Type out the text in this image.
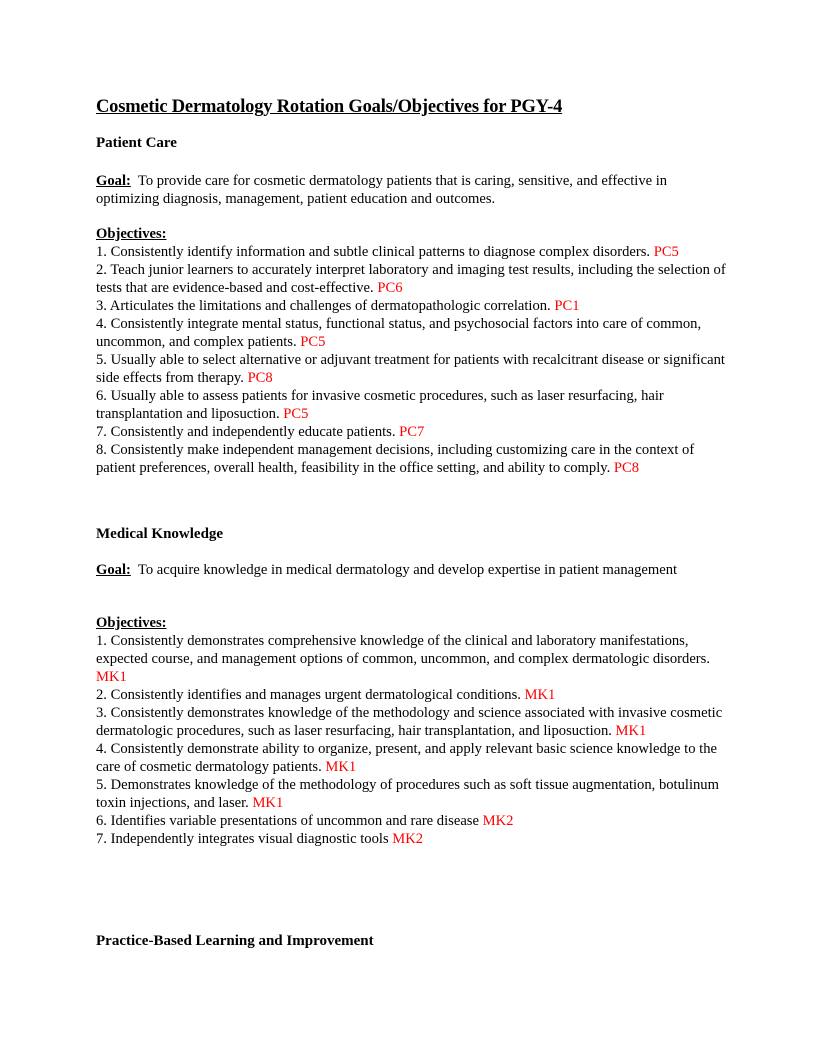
Cosmetic Dermatology Rotation Goals/Objectives for PGY-4
Patient Care

Goal: To provide care for cosmetic dermatology patients that is caring, sensitive, and effective in optimizing diagnosis, management, patient education and outcomes.

Objectives:

1. Consistently identify information and subtle clinical patterns to diagnose complex disorders. PC5

2. Teach junior learners to accurately interpret laboratory and imaging test results, including the selection of tests that are evidence-based and cost-effective. PC6

3. Articulates the limitations and challenges of dermatopathologic correlation. PC1

4. Consistently integrate mental status, functional status, and psychosocial factors into care of common, uncommon, and complex patients. PC5

5. Usually able to select alternative or adjuvant treatment for patients with recalcitrant disease or significant side effects from therapy. PC8

6. Usually able to assess patients for invasive cosmetic procedures, such as laser resurfacing, hair transplantation and liposuction. PC5

7. Consistently and independently educate patients. PC7

8. Consistently make independent management decisions, including customizing care in the context of patient preferences, overall health, feasibility in the office setting, and ability to comply. PC8

Medical Knowledge

Goal: To acquire knowledge in medical dermatology and develop expertise in patient management

Objectives:

1. Consistently demonstrates comprehensive knowledge of the clinical and laboratory manifestations, expected course, and management options of common, uncommon, and complex dermatologic disorders. MK1

2. Consistently identifies and manages urgent dermatological conditions. MK1

3. Consistently demonstrates knowledge of the methodology and science associated with invasive cosmetic dermatologic procedures, such as laser resurfacing, hair transplantation, and liposuction. MK1

4. Consistently demonstrate ability to organize, present, and apply relevant basic science knowledge to the care of cosmetic dermatology patients. MK1

5. Demonstrates knowledge of the methodology of procedures such as soft tissue augmentation, botulinum toxin injections, and laser. MK1

6. Identifies variable presentations of uncommon and rare disease MK2

7. Independently integrates visual diagnostic tools MK2

Practice-Based Learning and Improvement
